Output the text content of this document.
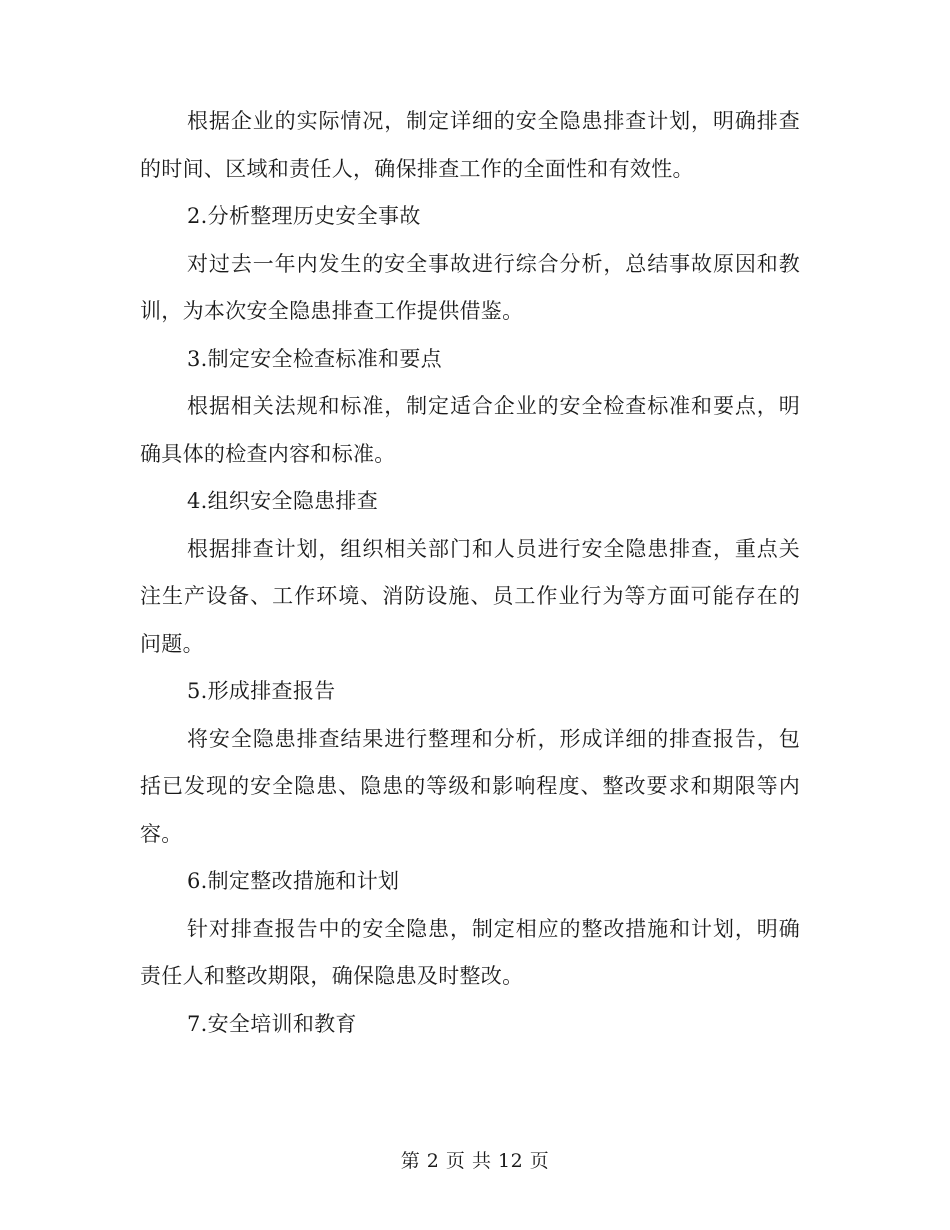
根据企业的实际情况，制定详细的安全隐患排查计划，明确排查的时间、区域和责任人，确保排查工作的全面性和有效性。

2.分析整理历史安全事故

对过去一年内发生的安全事故进行综合分析，总结事故原因和教训，为本次安全隐患排查工作提供借鉴。

3.制定安全检查标准和要点

根据相关法规和标准，制定适合企业的安全检查标准和要点，明确具体的检查内容和标准。

4.组织安全隐患排查

根据排查计划，组织相关部门和人员进行安全隐患排查，重点关注生产设备、工作环境、消防设施、员工作业行为等方面可能存在的问题。

5.形成排查报告

将安全隐患排查结果进行整理和分析，形成详细的排查报告，包括已发现的安全隐患、隐患的等级和影响程度、整改要求和期限等内容。

6.制定整改措施和计划

针对排查报告中的安全隐患，制定相应的整改措施和计划，明确责任人和整改期限，确保隐患及时整改。

7.安全培训和教育

第 2 页 共 12 页
